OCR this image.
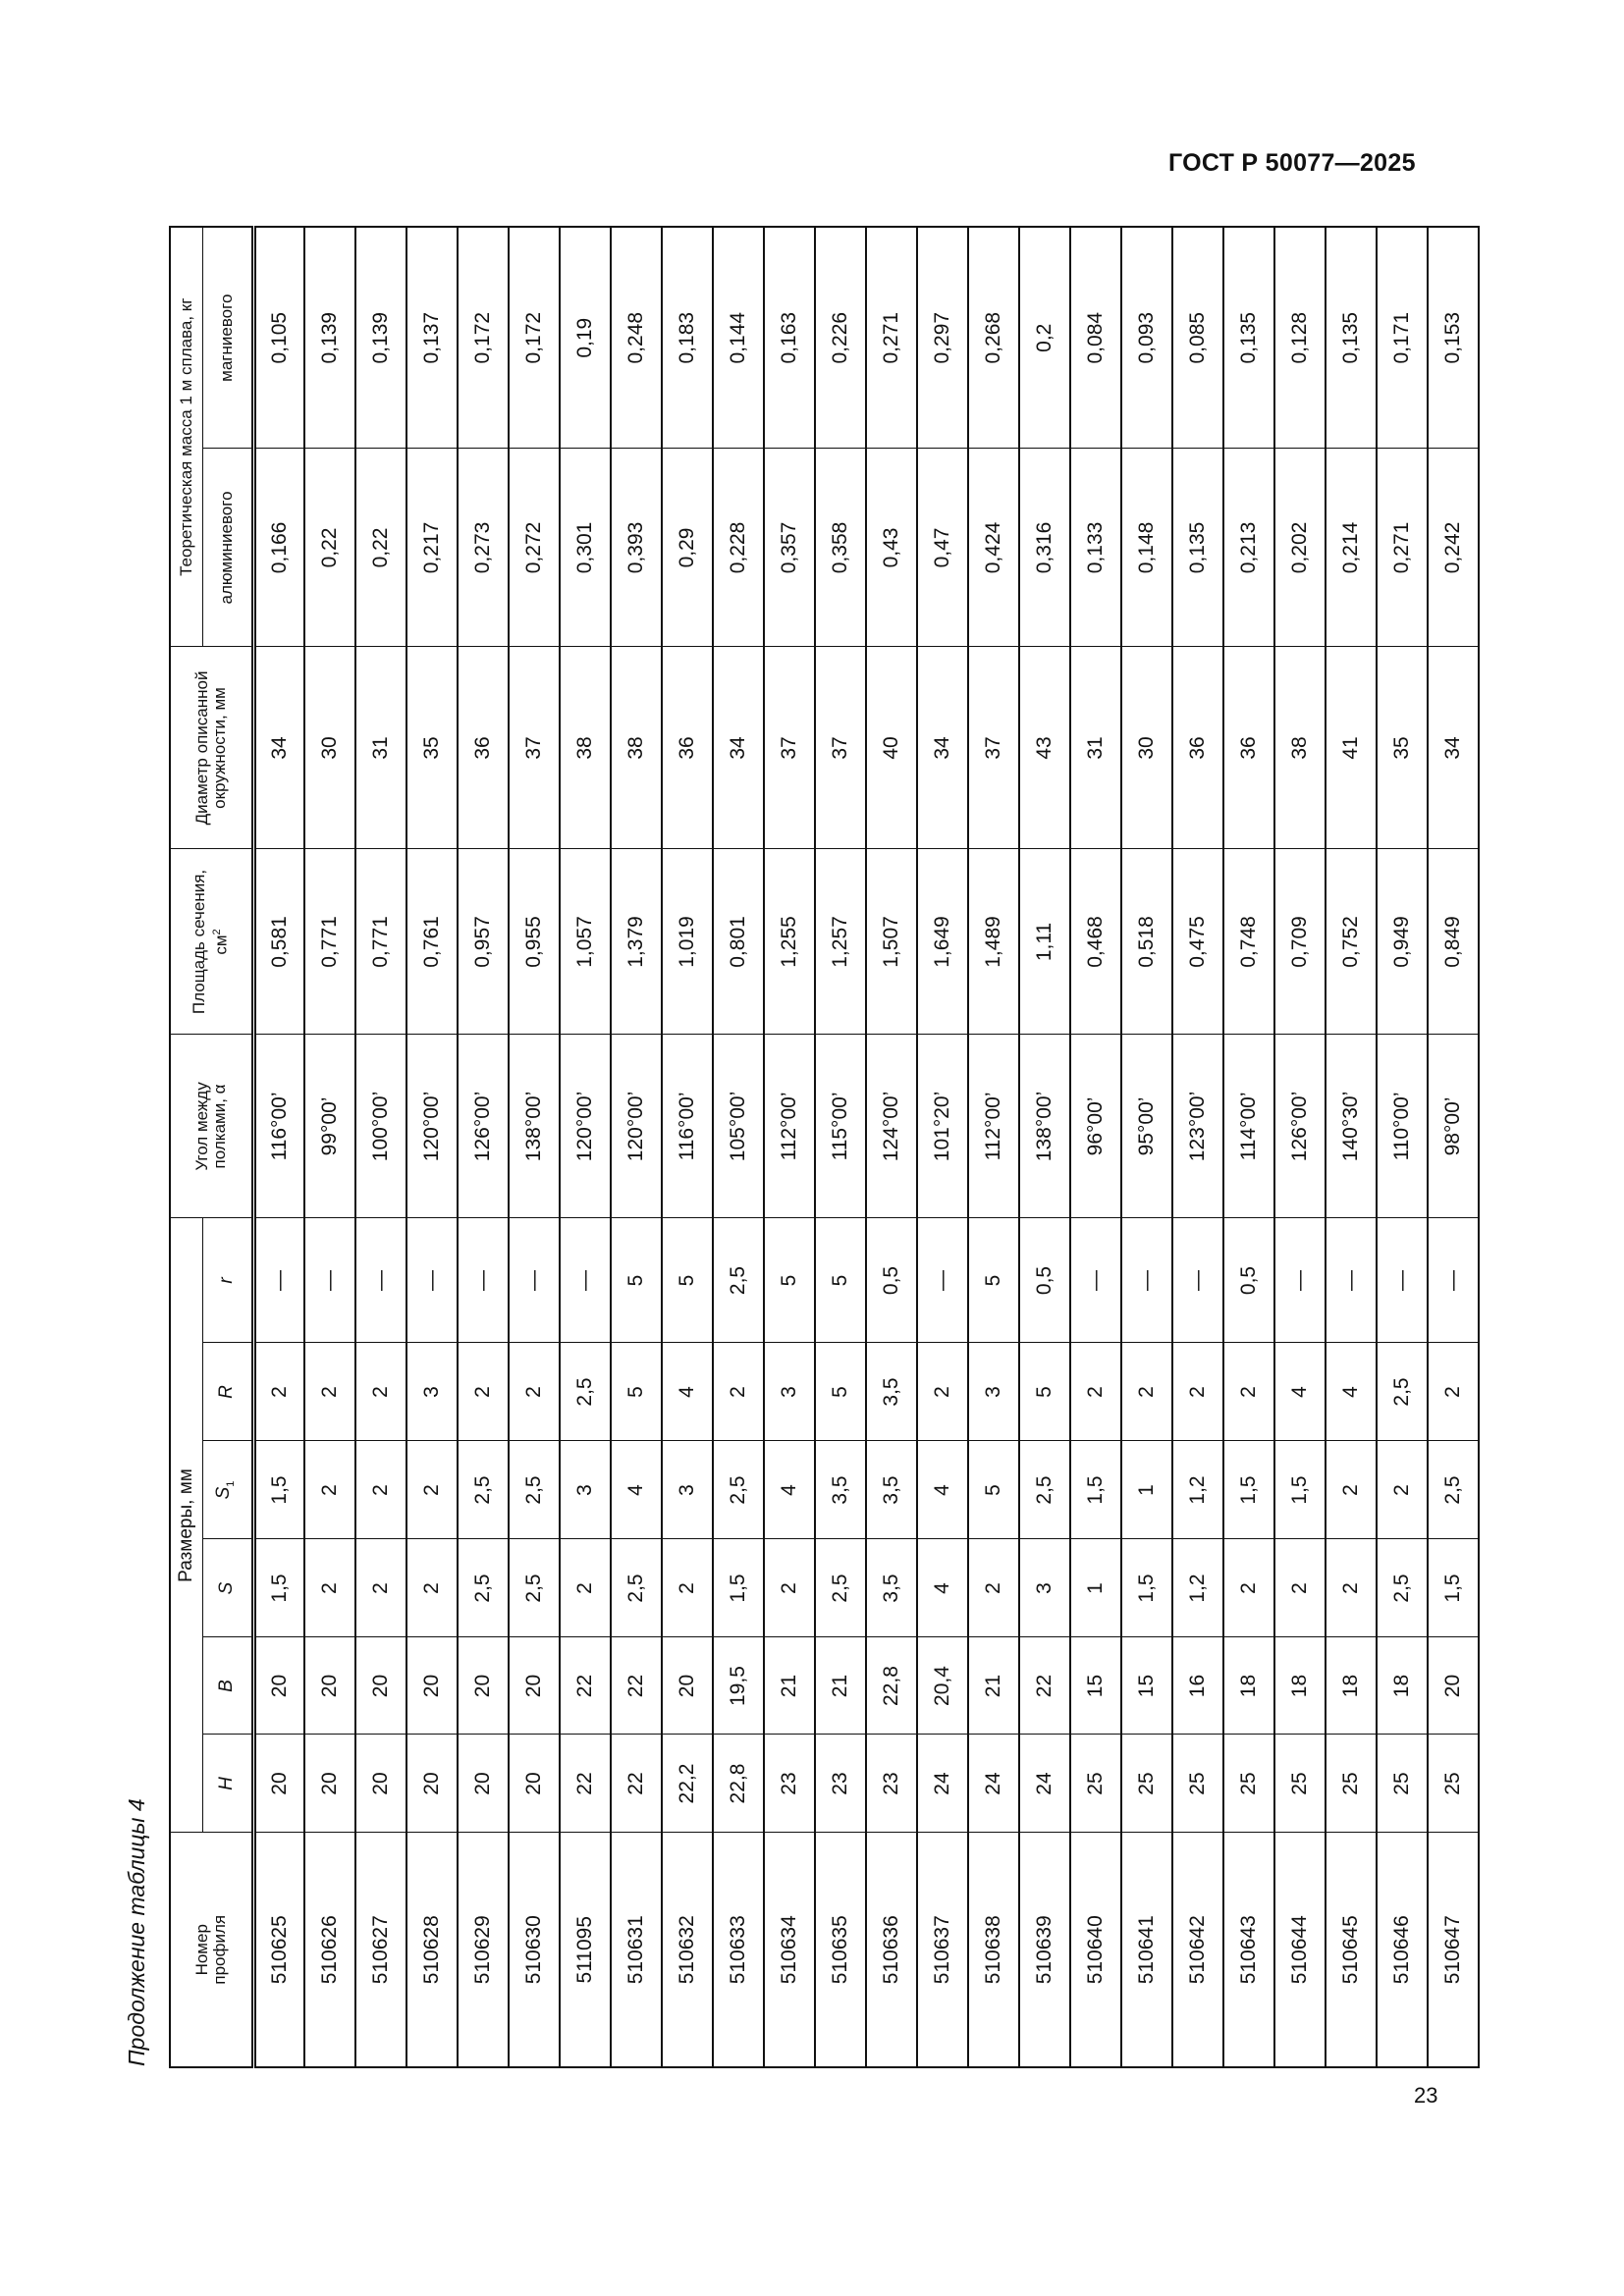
ГОСТ Р 50077—2025
23
Продолжение таблицы 4	Номер профиля	Размеры, мм						Угол между полками, α	Площадь сечения, $см^2$	Диаметр описанной окружности, мм	Теоретическая масса 1 м сплава, кг	
	H	B	S	$S_1$	R	r				алюминиевого	магниевого
510625	20	20	1,5	1,5	2	—	116°00’	0,581	34	0,166	0,105
510626	20	20	2	2	2	—	99°00’	0,771	30	0,22	0,139
510627	20	20	2	2	2	—	100°00’	0,771	31	0,22	0,139
510628	20	20	2	2	3	—	120°00’	0,761	35	0,217	0,137
510629	20	20	2,5	2,5	2	—	126°00’	0,957	36	0,273	0,172
510630	20	20	2,5	2,5	2	—	138°00’	0,955	37	0,272	0,172
511095	22	22	2	3	2,5	—	120°00’	1,057	38	0,301	0,19
510631	22	22	2,5	4	5	5	120°00’	1,379	38	0,393	0,248
510632	22,2	20	2	3	4	5	116°00’	1,019	36	0,29	0,183
510633	22,8	19,5	1,5	2,5	2	2,5	105°00’	0,801	34	0,228	0,144
510634	23	21	2	4	3	5	112°00’	1,255	37	0,357	0,163
510635	23	21	2,5	3,5	5	5	115°00’	1,257	37	0,358	0,226
510636	23	22,8	3,5	3,5	3,5	0,5	124°00’	1,507	40	0,43	0,271
510637	24	20,4	4	4	2	—	101°20’	1,649	34	0,47	0,297
510638	24	21	2	5	3	5	112°00’	1,489	37	0,424	0,268
510639	24	22	3	2,5	5	0,5	138°00’	1,11	43	0,316	0,2
510640	25	15	1	1,5	2	—	96°00’	0,468	31	0,133	0,084
510641	25	15	1,5	1	2	—	95°00’	0,518	30	0,148	0,093
510642	25	16	1,2	1,2	2	—	123°00’	0,475	36	0,135	0,085
510643	25	18	2	1,5	2	0,5	114°00’	0,748	36	0,213	0,135
510644	25	18	2	1,5	4	—	126°00’	0,709	38	0,202	0,128
510645	25	18	2	2	4	—	140°30’	0,752	41	0,214	0,135
510646	25	18	2,5	2	2,5	—	110°00’	0,949	35	0,271	0,171
510647	25	20	1,5	2,5	2	—	98°00’	0,849	34	0,242	0,153
